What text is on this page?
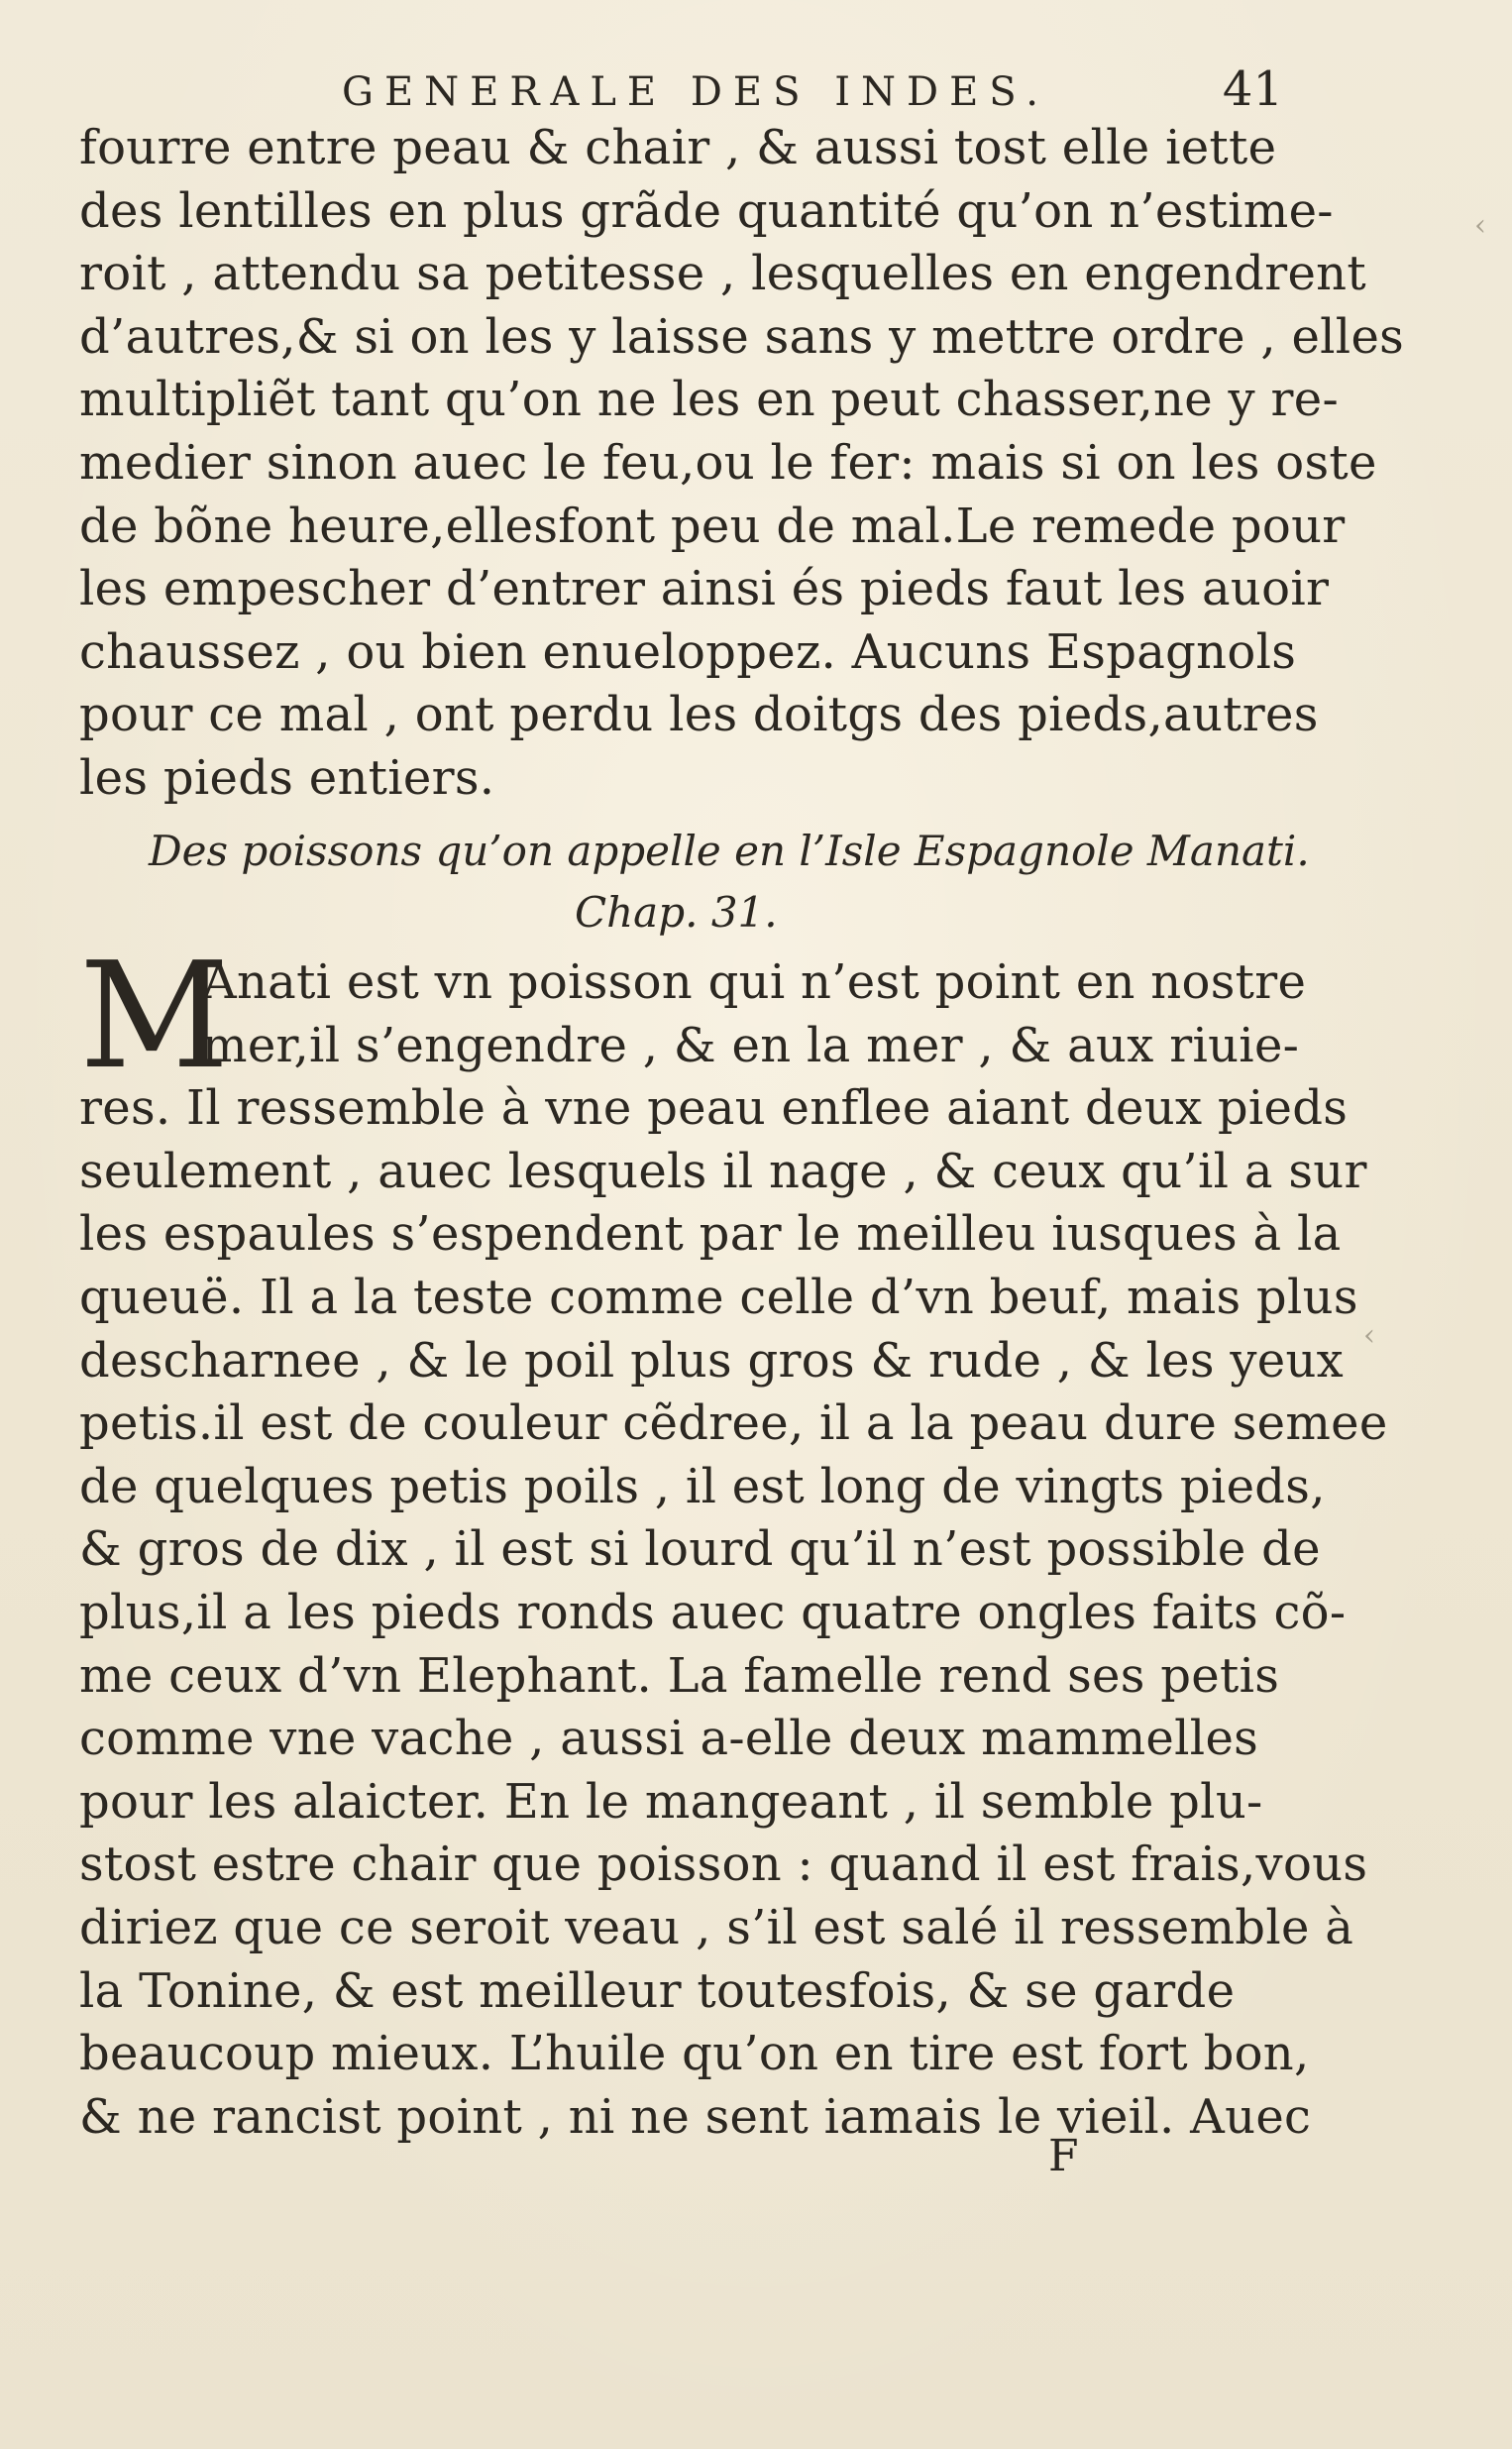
GENERALE DES INDES.	41
fourre entre peau & chair , & aussi tost elle iette
des lentilles en plus grãde quantité qu’on n’estime-
roit , attendu sa petitesse , lesquelles en engendrent
d’autres,& si on les y laisse sans y mettre ordre , elles
multipliẽt tant qu’on ne les en peut chasser,ne y re-
medier sinon auec le feu,ou le fer: mais si on les oste
de bõne heure,ellesfont peu de mal.Le remede pour
les empescher d’entrer ainsi és pieds faut les auoir
chaussez , ou bien enueloppez. Aucuns Espagnols
pour ce mal , ont perdu les doitgs des pieds,autres
les pieds entiers.
Des poissons qu’on appelle en l’Isle Espagnole Manati.
Chap. 31.
M
Anati est vn poisson qui n’est point en nostre
mer,il s’engendre , & en la mer , & aux riuie-
res. Il ressemble à vne peau enflee aiant deux pieds
seulement , auec lesquels il nage , & ceux qu’il a sur
les espaules s’espendent par le meilleu iusques à la
queuë. Il a la teste comme celle d’vn beuf, mais plus
descharnee , & le poil plus gros & rude , & les yeux
petis.il est de couleur cẽdree, il a la peau dure semee
de quelques petis poils , il est long de vingts pieds,
& gros de dix , il est si lourd qu’il n’est possible de
plus,il a les pieds ronds auec quatre ongles faits cõ-
me ceux d’vn Elephant. La famelle rend ses petis
comme vne vache , aussi a-elle deux mammelles
pour les alaicter. En le mangeant , il semble plu-
stost estre chair que poisson : quand il est frais,vous
diriez que ce seroit veau , s’il est salé il ressemble à
la Tonine, & est meilleur toutesfois, & se garde
beaucoup mieux. L’huile qu’on en tire est fort bon,
& ne rancist point , ni ne sent iamais le vieil. Auec
F
‹
‹
